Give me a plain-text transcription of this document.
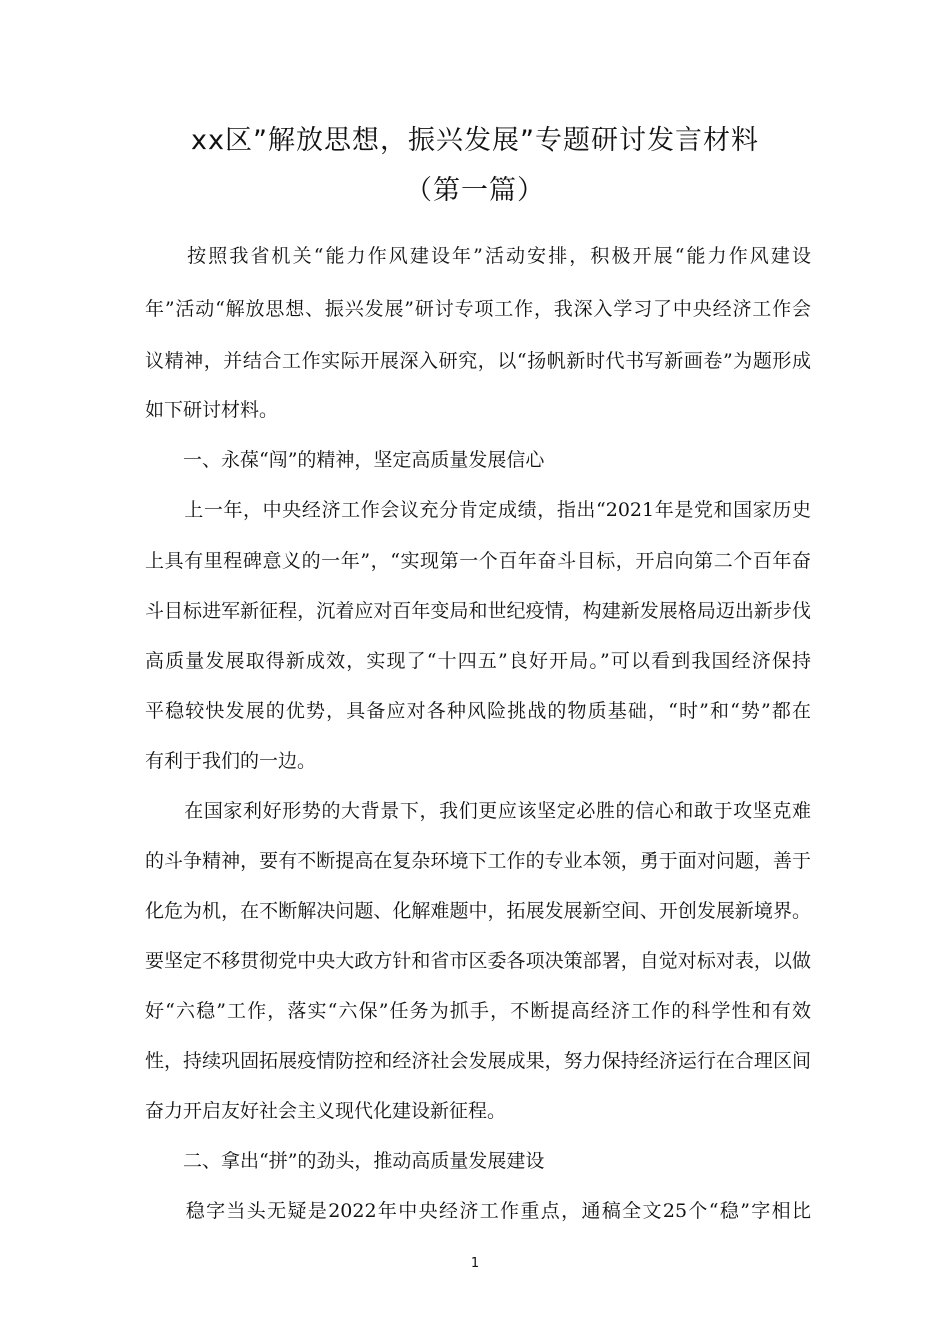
xx区”解放思想，振兴发展”专题研讨发言材料
（第一篇）
　　按照我省机关“能力作风建设年”活动安排，积极开展“能力作风建设
年”活动“解放思想、振兴发展”研讨专项工作，我深入学习了中央经济工作会
议精神，并结合工作实际开展深入研究，以“扬帆新时代书写新画卷”为题形成
如下研讨材料。
　　一、永葆“闯”的精神，坚定高质量发展信心
　　上一年，中央经济工作会议充分肯定成绩，指出“2021年是党和国家历史
上具有里程碑意义的一年”，“实现第一个百年奋斗目标，开启向第二个百年奋
斗目标进军新征程，沉着应对百年变局和世纪疫情，构建新发展格局迈出新步伐
高质量发展取得新成效，实现了“十四五”良好开局。”可以看到我国经济保持
平稳较快发展的优势，具备应对各种风险挑战的物质基础，“时”和“势”都在
有利于我们的一边。
　　在国家利好形势的大背景下，我们更应该坚定必胜的信心和敢于攻坚克难
的斗争精神，要有不断提高在复杂环境下工作的专业本领，勇于面对问题，善于
化危为机，在不断解决问题、化解难题中，拓展发展新空间、开创发展新境界。
要坚定不移贯彻党中央大政方针和省市区委各项决策部署，自觉对标对表，以做
好“六稳”工作，落实“六保”任务为抓手，不断提高经济工作的科学性和有效
性，持续巩固拓展疫情防控和经济社会发展成果，努力保持经济运行在合理区间
奋力开启友好社会主义现代化建设新征程。
　　二、拿出“拼”的劲头，推动高质量发展建设
　　稳字当头无疑是2022年中央经济工作重点，通稿全文25个“稳”字相比
1
